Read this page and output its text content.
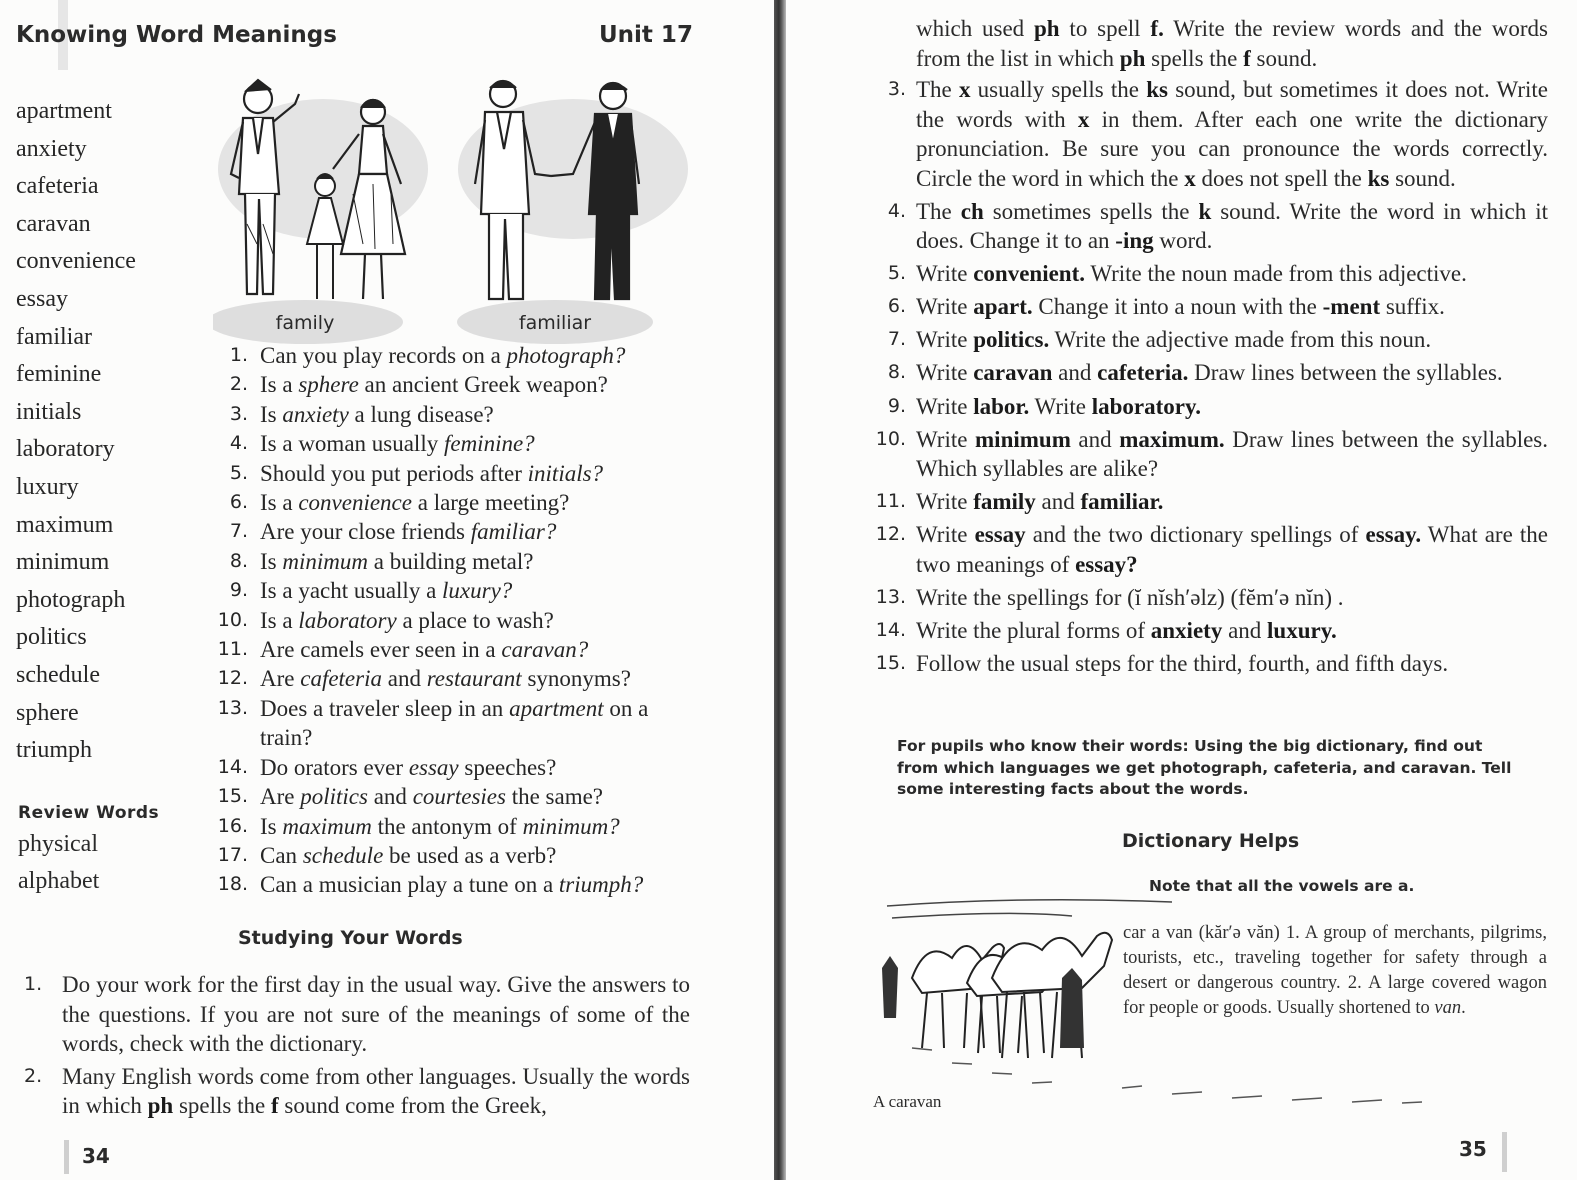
Knowing Word Meanings	Unit 17
apartment
anxiety
cafeteria
caravan
convenience
essay
familiar
feminine
initials
laboratory
luxury
maximum
minimum
photograph
politics
schedule
sphere
triumph
Review Words
physical
alphabet
family	familiar
1. Can you play records on a photograph?
2. Is a sphere an ancient Greek weapon?
3. Is anxiety a lung disease?
4. Is a woman usually feminine?
5. Should you put periods after initials?
6. Is a convenience a large meeting?
7. Are your close friends familiar?
8. Is minimum a building metal?
9. Is a yacht usually a luxury?
10. Is a laboratory a place to wash?
11. Are camels ever seen in a caravan?
12. Are cafeteria and restaurant synonyms?
13. Does a traveler sleep in an apartment on a train?
14. Do orators ever essay speeches?
15. Are politics and courtesies the same?
16. Is maximum the antonym of minimum?
17. Can schedule be used as a verb?
18. Can a musician play a tune on a triumph?
Studying Your Words
1. Do your work for the first day in the usual way. Give the answers to the questions. If you are not sure of the meanings of some of the words, check with the dictionary.
2. Many English words come from other languages. Usually the words in which ph spells the f sound come from the Greek,
34
which used ph to spell f. Write the review words and the words from the list in which ph spells the f sound.
3. The x usually spells the ks sound, but sometimes it does not. Write the words with x in them. After each one write the dictionary pronunciation. Be sure you can pronounce the words correctly. Circle the word in which the x does not spell the ks sound.
4. The ch sometimes spells the k sound. Write the word in which it does. Change it to an -ing word.
5. Write convenient. Write the noun made from this adjective.
6. Write apart. Change it into a noun with the -ment suffix.
7. Write politics. Write the adjective made from this noun.
8. Write caravan and cafeteria. Draw lines between the syllables.
9. Write labor. Write laboratory.
10. Write minimum and maximum. Draw lines between the syllables. Which syllables are alike?
11. Write family and familiar.
12. Write essay and the two dictionary spellings of essay. What are the two meanings of essay?
13. Write the spellings for (ĭ nĭsh′əlz) (fĕm′ə nĭn) .
14. Write the plural forms of anxiety and luxury.
15. Follow the usual steps for the third, fourth, and fifth days.
For pupils who know their words: Using the big dictionary, find out from which languages we get photograph, cafeteria, and caravan. Tell some interesting facts about the words.
Dictionary Helps
Note that all the vowels are a.
car a van (kăr′ə văn) 1. A group of merchants, pilgrims, tourists, etc., traveling together for safety through a desert or dangerous country. 2. A large covered wagon for people or goods. Usually shortened to van.
A caravan
35
